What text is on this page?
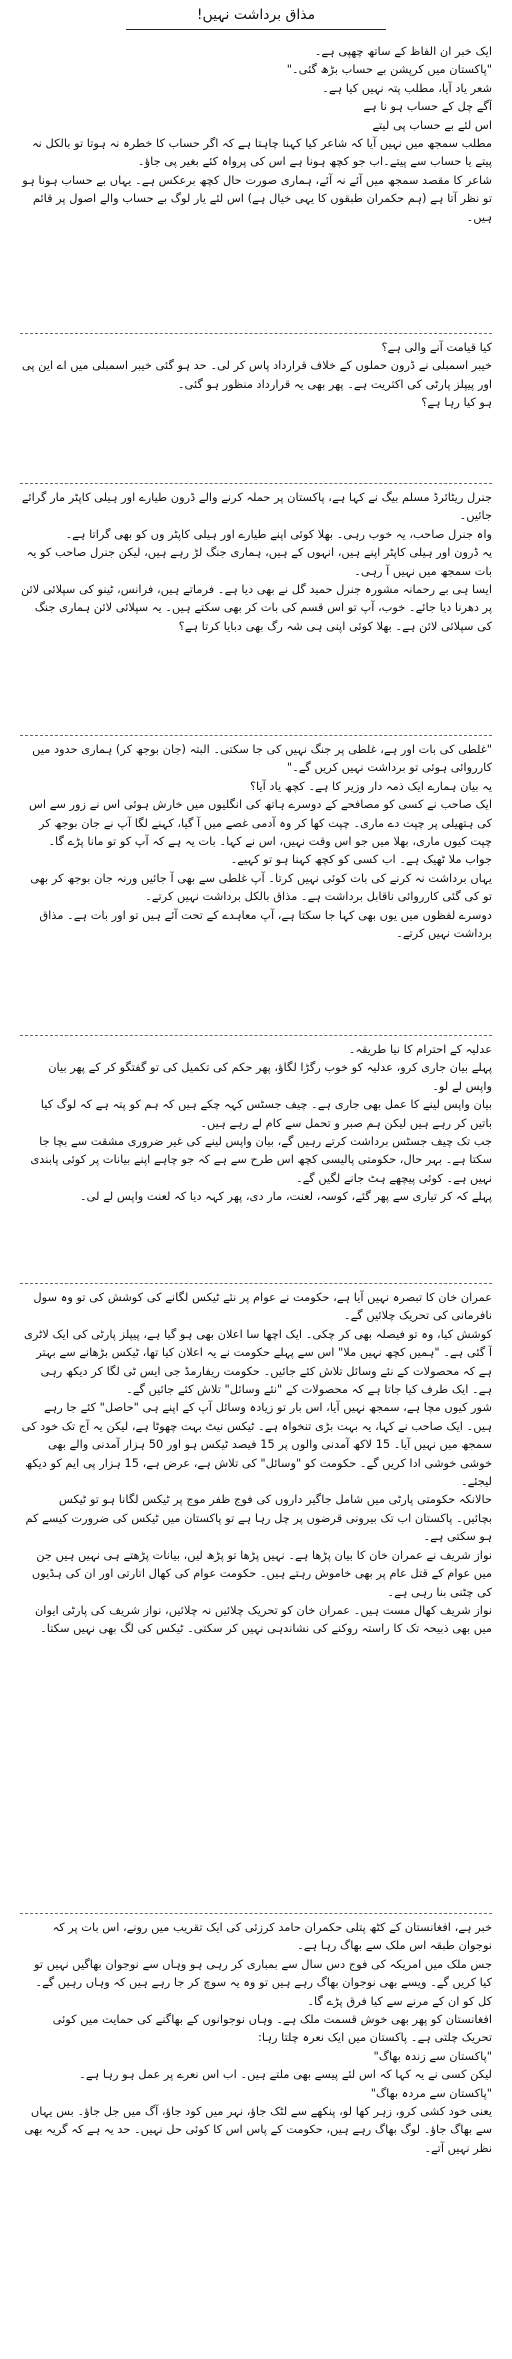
مذاق برداشت نہیں!

ایک خبر ان الفاظ کے ساتھ چھپی ہے۔

"پاکستان میں کرپشن بے حساب بڑھ گئی۔"

شعر یاد آیا، مطلب پتہ نہیں کیا ہے۔

آگے چل کے حساب ہو نا ہے

اس لئے بے حساب پی لیتے

مطلب سمجھ میں نہیں آیا کہ شاعر کیا کہنا چاہتا ہے کہ اگر حساب کا خطرہ نہ ہوتا تو بالکل نہ پیتے یا حساب سے پیتے۔اب جو کچھ ہونا ہے اس کی پرواہ کئے بغیر پی جاؤ۔

شاعر کا مقصد سمجھ میں آئے نہ آئے، ہماری صورت حال کچھ برعکس ہے۔ یہاں بے حساب ہونا ہو تو نظر آتا ہے (ہم حکمران طبقوں کا یہی خیال ہے) اس لئے یار لوگ بے حساب والے اصول پر قائم ہیں۔

کیا قیامت آنے والی ہے؟

خیبر اسمبلی نے ڈرون حملوں کے خلاف قرارداد پاس کر لی۔ حد ہو گئی خیبر اسمبلی میں اے این پی اور پیپلز پارٹی کی اکثریت ہے۔ پھر بھی یہ قرارداد منظور ہو گئی۔

ہو کیا رہا ہے؟

جنرل ریٹائرڈ مسلم بیگ نے کہا ہے، پاکستان پر حملہ کرنے والے ڈرون طیارے اور ہیلی کاپٹر مار گرائے جائیں۔

واہ جنرل صاحب، یہ خوب رہی۔ بھلا کوئی اپنے طیارے اور ہیلی کاپٹر وں کو بھی گراتا ہے۔

یہ ڈرون اور ہیلی کاپٹر اپنے ہیں، انہوں کے ہیں، ہماری جنگ لڑ رہے ہیں، لیکن جنرل صاحب کو یہ بات سمجھ میں نہیں آ رہی۔

ایسا ہی بے رحمانہ مشورہ جنرل حمید گل نے بھی دیا ہے۔ فرماتے ہیں، فرانس، ٹینو کی سپلائی لائن پر دھرنا دیا جائے۔ خوب، آپ تو اس قسم کی بات کر بھی سکتے ہیں۔ یہ سپلائی لائن ہماری جنگ کی سپلائی لائن ہے۔ بھلا کوئی اپنی ہی شہ رگ بھی دبایا کرتا ہے؟

"غلطی کی بات اور ہے، غلطی پر جنگ نہیں کی جا سکتی۔ البتہ (جان بوجھ کر) ہماری حدود میں کارروائی ہوئی تو برداشت نہیں کریں گے۔"

یہ بیان ہمارے ایک ذمہ دار وزیر کا ہے۔ کچھ یاد آیا؟

ایک صاحب نے کسی کو مصافحے کے دوسرے ہاتھ کی انگلیوں میں خارش ہوئی اس نے زور سے اس کی ہتھیلی پر چپت دے ماری۔ چپت کھا کر وہ آدمی غصے میں آ گیا، کہنے لگا آپ نے جان بوجھ کر چپت کیوں ماری، بھلا میں جو اس وقت نہیں، اس نے کہا۔ بات یہ ہے کہ آپ کو تو مانا پڑے گا۔ جواب ملا ٹھیک ہے۔ اب کسی کو کچھ کہنا ہو تو کہیے۔

یہاں برداشت نہ کرنے کی بات کوئی نہیں کرتا۔ آپ غلطی سے بھی آ جائیں ورنہ جان بوجھ کر بھی تو کی گئی کارروائی ناقابل برداشت ہے۔ مذاق بالکل برداشت نہیں کرتے۔

دوسرے لفظوں میں یوں بھی کہا جا سکتا ہے، آپ معاہدے کے تحت آئے ہیں تو اور بات ہے۔ مذاق برداشت نہیں کرتے۔

عدلیہ کے احترام کا نیا طریقہ۔

پہلے بیان جاری کرو، عدلیہ کو خوب رگڑا لگاؤ، پھر حکم کی تکمیل کی تو گفتگو کر کے پھر بیان واپس لے لو۔

بیان واپس لینے کا عمل بھی جاری ہے۔ چیف جسٹس کہہ چکے ہیں کہ ہم کو پتہ ہے کہ لوگ کیا باتیں کر رہے ہیں لیکن ہم صبر و تحمل سے کام لے رہے ہیں۔

جب تک چیف جسٹس برداشت کرتے رہیں گے، بیان واپس لینے کی غیر ضروری مشقت سے بچا جا سکتا ہے۔ بہر حال، حکومتی پالیسی کچھ اس طرح سے ہے کہ جو چاہے اپنے بیانات پر کوئی پابندی نہیں ہے۔ کوئی پیچھے ہٹ جانے لگیں گے۔

پہلے کہ کر تیاری سے پھر گئے، کوسہ، لعنت، مار دی، پھر کہہ دیا کہ لعنت واپس لے لی۔

عمران خان کا تبصرہ نہیں آیا ہے، حکومت نے عوام پر نئے ٹیکس لگانے کی کوشش کی تو وہ سول نافرمانی کی تحریک چلائیں گے۔

کوشش کیا، وہ تو فیصلہ بھی کر چکی۔ ایک اچھا سا اعلان بھی ہو گیا ہے، پیپلز پارٹی کی ایک لاٹری آ گئی ہے۔ "ہمیں کچھ نہیں ملا" اس سے پہلے حکومت نے یہ اعلان کیا تھا، ٹیکس بڑھانے سے بہتر ہے کہ محصولات کے نئے وسائل تلاش کئے جائیں۔ حکومت ریفارمڈ جی ایس ٹی لگا کر دیکھ رہی ہے۔ ایک طرف کیا جاتا ہے کہ محصولات کے "نئے وسائل" تلاش کئے جائیں گے۔

شور کیوں مچا ہے، سمجھ نہیں آیا، اس بار تو زیادہ وسائل آپ کے اپنے ہی "حاصل" کئے جا رہے ہیں۔ ایک صاحب نے کہا، یہ بہت بڑی تنخواہ ہے۔ ٹیکس نیٹ بہت چھوٹا ہے، لیکن یہ آج تک خود کی سمجھ میں نہیں آیا۔ 15 لاکھ آمدنی والوں پر 15 فیصد ٹیکس ہو اور 50 ہزار آمدنی والے بھی خوشی خوشی ادا کریں گے۔ حکومت کو "وسائل" کی تلاش ہے، عرض ہے، 15 ہزار پی ایم کو دیکھ لیجئے۔

حالانکہ حکومتی پارٹی میں شامل جاگیر داروں کی فوج ظفر موج پر ٹیکس لگانا ہو تو ٹیکس بچائیں۔ پاکستان اب تک بیرونی قرضوں پر چل رہا ہے تو پاکستان میں ٹیکس کی ضرورت کیسے کم ہو سکتی ہے۔

نواز شریف نے عمران خان کا بیان پڑھا ہے۔ نہیں پڑھا تو پڑھ لیں، بیانات پڑھتے ہی نہیں ہیں جن میں عوام کے قتل عام پر بھی خاموش رہتے ہیں۔ حکومت عوام کی کھال اتارتی اور ان کی ہڈیوں کی چٹنی بنا رہی ہے۔

نواز شریف کھال مست ہیں۔ عمران خان کو تحریک چلائیں نہ چلائیں، نواز شریف کی پارٹی ایوان میں بھی ذبیحہ تک کا راستہ روکنے کی نشاندہی نہیں کر سکتی۔ ٹیکس کی لگ بھی نہیں سکتا۔

خبر ہے، افغانستان کے کٹھ پتلی حکمران حامد کرزئی کی ایک تقریب میں رونے، اس بات پر کہ نوجوان طبقہ اس ملک سے بھاگ رہا ہے۔

جس ملک میں امریکہ کی فوج دس سال سے بمباری کر رہی ہو وہاں سے نوجوان بھاگیں نہیں تو کیا کریں گے۔ ویسے بھی نوجوان بھاگ رہے ہیں تو وہ یہ سوچ کر جا رہے ہیں کہ وہاں رہیں گے۔ کل کو ان کے مرنے سے کیا فرق پڑے گا۔

افغانستان کو پھر بھی خوش قسمت ملک ہے۔ وہاں نوجوانوں کے بھاگنے کی حمایت میں کوئی تحریک چلتی ہے۔ پاکستان میں ایک نعرہ چلتا رہا:

"پاکستان سے زندہ بھاگ"

لیکن کسی نے یہ کہا کہ اس لئے پیسے بھی ملتے ہیں۔ اب اس نعرے پر عمل ہو رہا ہے۔

"پاکستان سے مردہ بھاگ"

یعنی خود کشی کرو، زہر کھا لو، پنکھے سے لٹک جاؤ، نہر میں کود جاؤ، آگ میں جل جاؤ۔ بس یہاں سے بھاگ جاؤ۔ لوگ بھاگ رہے ہیں، حکومت کے پاس اس کا کوئی حل نہیں۔ حد یہ ہے کہ گریہ بھی نظر نہیں آتے۔
